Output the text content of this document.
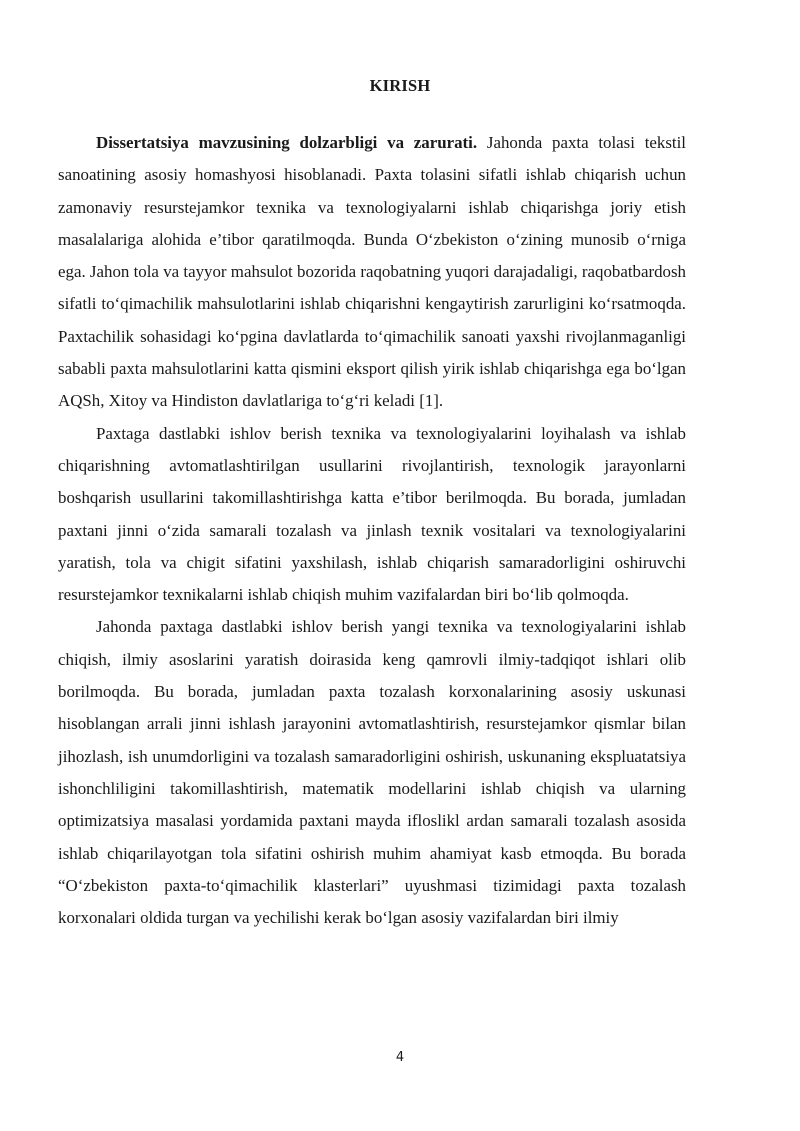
KIRISH

Dissertatsiya mavzusining dolzarbligi va zarurati. Jahonda paxta tolasi tekstil sanoatining asosiy homashyosi hisoblanadi. Paxta tolasini sifatli ishlab chiqarish uchun zamonaviy resurstejamkor texnika va texnologiyalarni ishlab chiqarishga joriy etish masalalariga alohida e’tibor qaratilmoqda. Bunda O‘zbekiston o‘zining munosib o‘rniga ega. Jahon tola va tayyor mahsulot bozorida raqobatning yuqori darajadaligi, raqobatbardosh sifatli to‘qimachilik mahsulotlarini ishlab chiqarishni kengaytirish zarurligini ko‘rsatmoqda. Paxtachilik sohasidagi ko‘pgina davlatlarda to‘qimachilik sanoati yaxshi rivojlanmaganligi sababli paxta mahsulotlarini katta qismini eksport qilish yirik ishlab chiqarishga ega bo‘lgan AQSh, Xitoy va Hindiston davlatlariga to‘g‘ri keladi [1].

Paxtaga dastlabki ishlov berish texnika va texnologiyalarini loyihalash va ishlab chiqarishning avtomatlashtirilgan usullarini rivojlantirish, texnologik jarayonlarni boshqarish usullarini takomillashtirishga katta e’tibor berilmoqda. Bu borada, jumladan paxtani jinni o‘zida samarali tozalash va jinlash texnik vositalari va texnologiyalarini yaratish, tola va chigit sifatini yaxshilash, ishlab chiqarish samaradorligini oshiruvchi resurstejamkor texnikalarni ishlab chiqish muhim vazifalardan biri bo‘lib qolmoqda.

Jahonda paxtaga dastlabki ishlov berish yangi texnika va texnologiyalarini ishlab chiqish, ilmiy asoslarini yaratish doirasida keng qamrovli ilmiy-tadqiqot ishlari olib borilmoqda. Bu borada, jumladan paxta tozalash korxonalarining asosiy uskunasi hisoblangan arrali jinni ishlash jarayonini avtomatlashtirish, resurstejamkor qismlar bilan jihozlash, ish unumdorligini va tozalash samaradorligini oshirish, uskunaning ekspluatatsiya ishonchliligini takomillashtirish, matematik modellarini ishlab chiqish va ularning optimizatsiya masalasi yordamida paxtani mayda ifloslikl ardan samarali tozalash asosida ishlab chiqarilayotgan tola sifatini oshirish muhim ahamiyat kasb etmoqda. Bu borada “O‘zbekiston paxta-to‘qimachilik klasterlari” uyushmasi tizimidagi paxta tozalash korxonalari oldida turgan va yechilishi kerak bo‘lgan asosiy vazifalardan biri ilmiy

4
